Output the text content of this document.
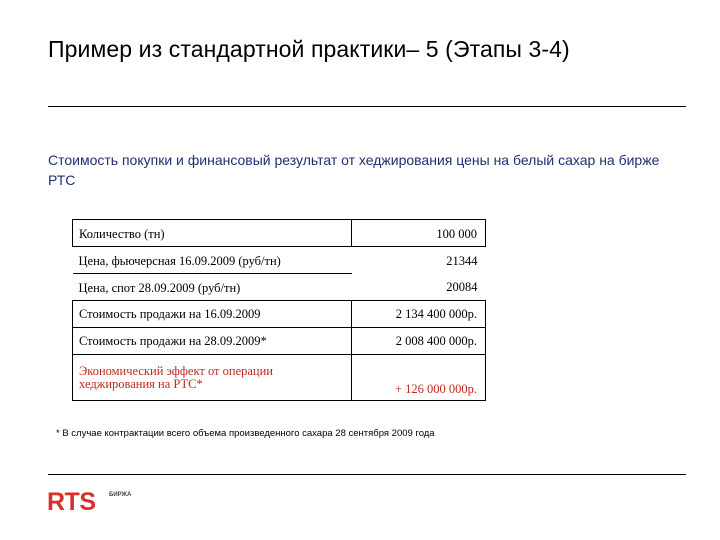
Пример из стандартной практики– 5 (Этапы 3-4)
Стоимость покупки и финансовый результат от хеджирования цены на белый сахар на бирже РТС
Количество (тн)	100 000
Цена, фьючерсная 16.09.2009 (руб/тн)	21344
Цена, спот 28.09.2009 (руб/тн)	20084
Стоимость продажи на 16.09.2009	2 134 400 000р.
Стоимость продажи на 28.09.2009*	2 008 400 000р.
Экономический эффект от операции хеджирования на РТС*	+ 126 000 000р.
* В случае контрактации всего объема произведенного сахара 28 сентября 2009 года
RTS БИРЖА
